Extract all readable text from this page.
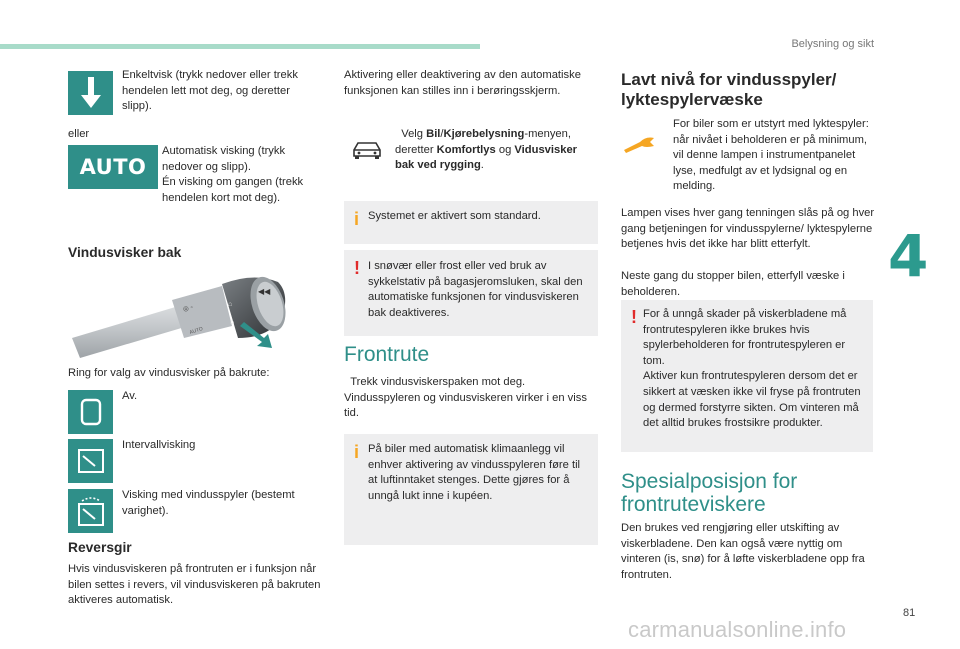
Belysning og sikt
4
Enkeltvisk (trykk nedover eller trekk hendelen lett mot deg, og deretter slipp).
eller
AUTO
Automatisk visking (trykk nedover og slipp).
Én visking om gangen (trekk hendelen kort mot deg).
Vindusvisker bak
⦾ ◦
AUTO
◀◀
⌂
⌂
Ring for valg av vindusvisker på bakrute:
Av.
Intervallvisking
Visking med vindusspyler (bestemt varighet).
Reversgir
Hvis vindusviskeren på frontruten er i funksjon når bilen settes i revers, vil vindusviskeren på bakruten aktiveres automatisk.
Aktivering eller deaktivering av den automatiske funksjonen kan stilles inn i berøringsskjerm.
Velg Bil/Kjørebelysning-menyen, deretter Komfortlys og Vidusvisker bak ved rygging.
i Systemet er aktivert som standard.
! I snøvær eller frost eller ved bruk av sykkelstativ på bagasjeromsluken, skal den automatiske funksjonen for vindusviskeren bak deaktiveres.
Frontrute
Trekk vindusviskerspaken mot deg. Vindusspyleren og vindusviskeren virker i en viss tid.
i På biler med automatisk klimaanlegg vil enhver aktivering av vindusspyleren føre til at luftinntaket stenges. Dette gjøres for å unngå lukt inne i kupéen.
Lavt nivå for vindusspyler/ lyktespylervæske
For biler som er utstyrt med lyktespyler: når nivået i beholderen er på minimum, vil denne lampen i instrumentpanelet lyse, medfulgt av et lydsignal og en melding.
Lampen vises hver gang tenningen slås på og hver gang betjeningen for vindusspylerne/ lyktespylerne betjenes hvis det ikke har blitt etterfylt.
Neste gang du stopper bilen, etterfyll væske i beholderen.
! For å unngå skader på viskerbladene må frontrutespyleren ikke brukes hvis spylerbeholderen for frontrutespyleren er tom.
Aktiver kun frontrutespyleren dersom det er sikkert at væsken ikke vil fryse på frontruten og dermed forstyrre sikten. Om vinteren må det alltid brukes frostsikre produkter.
Spesialposisjon for frontruteviskere
Den brukes ved rengjøring eller utskifting av viskerbladene. Den kan også være nyttig om vinteren (is, snø) for å løfte viskerbladene opp fra frontruten.
81
carmanualsonline.info
